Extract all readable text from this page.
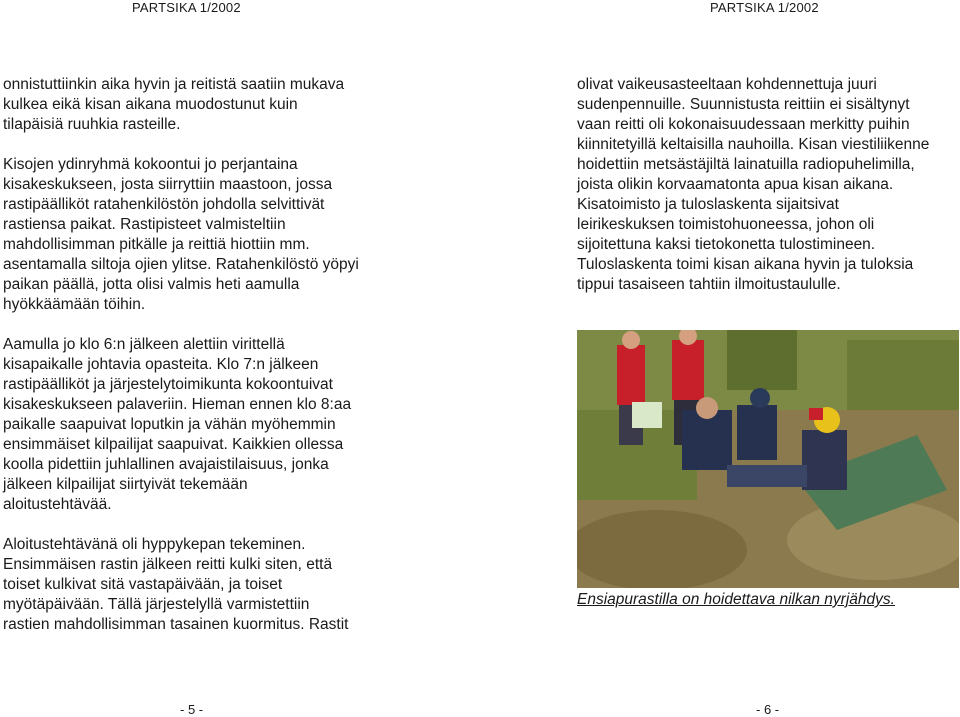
PARTSIKA 1/2002

onnistuttiinkin aika hyvin ja reitistä saatiin mukava
kulkea eikä kisan aikana muodostunut kuin
tilapäisiä ruuhkia rasteille.

Kisojen ydinryhmä kokoontui jo perjantaina
kisakeskukseen, josta siirryttiin maastoon, jossa
rastipäälliköt ratahenkilöstön johdolla selvittivät
rastiensa paikat. Rastipisteet valmisteltiin
mahdollisimman pitkälle ja reittiä hiottiin mm.
asentamalla siltoja ojien ylitse. Ratahenkilöstö yöpyi
paikan päällä, jotta olisi valmis heti aamulla
hyökkäämään töihin.

Aamulla jo klo 6:n jälkeen alettiin virittellä
kisapaikalle johtavia opasteita. Klo 7:n jälkeen
rastipäälliköt ja järjestelytoimikunta kokoontuivat
kisakeskukseen palaveriin. Hieman ennen klo 8:aa
paikalle saapuivat loputkin ja vähän myöhemmin
ensimmäiset kilpailijat saapuivat. Kaikkien ollessa
koolla pidettiin juhlallinen avajaistilaisuus, jonka
jälkeen kilpailijat siirtyivät tekemään
aloitustehtävää.

Aloitustehtävänä oli hyppykepan tekeminen.
Ensimmäisen rastin jälkeen reitti kulki siten, että
toiset kulkivat sitä vastapäivään, ja toiset
myötäpäivään. Tällä järjestelyllä varmistettiin
rastien mahdollisimman tasainen kuormitus. Rastit

- 5 -
PARTSIKA 1/2002

olivat vaikeusasteeltaan kohdennettuja juuri
sudenpennuille. Suunnistusta reittiin ei sisältynyt
vaan reitti oli kokonaisuudessaan merkitty puihin
kiinnitetyillä keltaisilla nauhoilla. Kisan viestiliikenne
hoidettiin metsästäjiltä lainatuilla radiopuhelimilla,
joista olikin korvaamatonta apua kisan aikana.
Kisatoimisto ja tuloslaskenta sijaitsivat
leirikeskuksen toimistohuoneessa, johon oli
sijoitettuna kaksi tietokonetta tulostimineen.
Tuloslaskenta toimi kisan aikana hyvin ja tuloksia
tippui tasaiseen tahtiin ilmoitustaululle.

Ensiapurastilla on hoidettava nilkan nyrjähdys.
- 6 -
